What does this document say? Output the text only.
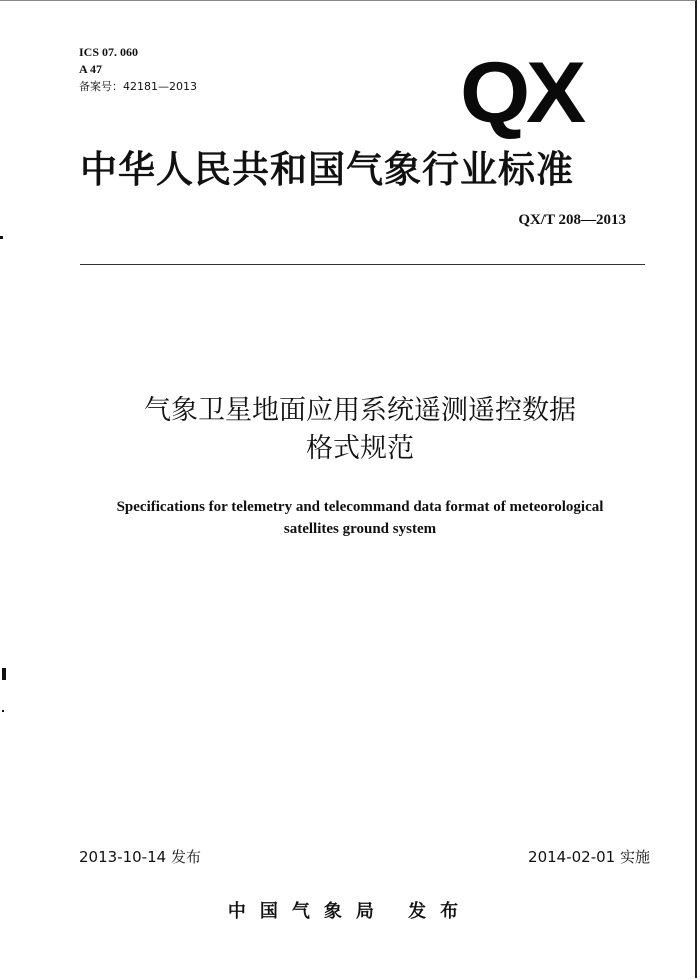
ICS 07. 060
A 47
备案号：42181—2013	QX
中华人民共和国气象行业标准
QX/T 208—2013
气象卫星地面应用系统遥测遥控数据
格式规范
Specifications for telemetry and telecommand data format of meteorological
satellites ground system
2013-10-14 发布	2014-02-01 实施
中国气象局 发布
